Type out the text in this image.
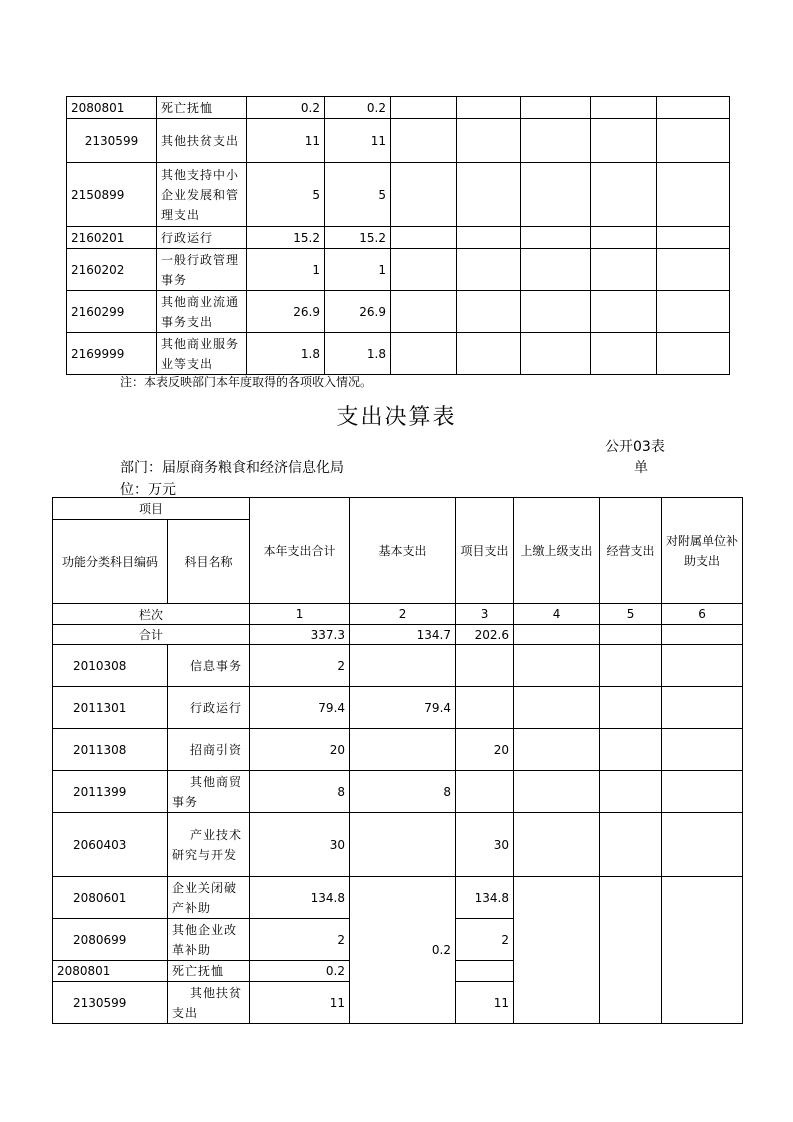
2080801	死亡抚恤	0.2	0.2					
2130599	其他扶贫支出	11	11					
2150899	其他支持中小企业发展和管理支出	5	5					
2160201	行政运行	15.2	15.2					
2160202	一般行政管理事务	1	1					
2160299	其他商业流通事务支出	26.9	26.9					
2169999	其他商业服务业等支出	1.8	1.8					
注：本表反映部门本年度取得的各项收入情况。
支出决算表
公开03表
单
部门：届原商务粮食和经济信息化局
位：万元
项目		本年支出合计	基本支出	项目支出	上缴上级支出	经营支出	对附属单位补助支出
功能分类科目编码	科目名称						
栏次		1	2	3	4	5	6
合计		337.3	134.7	202.6			
2010308	信息事务	2					
2011301	行政运行	79.4	79.4				
2011308	招商引资	20		20			
2011399	其他商贸事务	8	8				
2060403	产业技术研究与开发	30		30			
2080601	企业关闭破产补助	134.8	0.2	134.8			
2080699	其他企业改革补助	2		2			
2080801	死亡抚恤	0.2					
2130599	其他扶贫支出	11		11			
